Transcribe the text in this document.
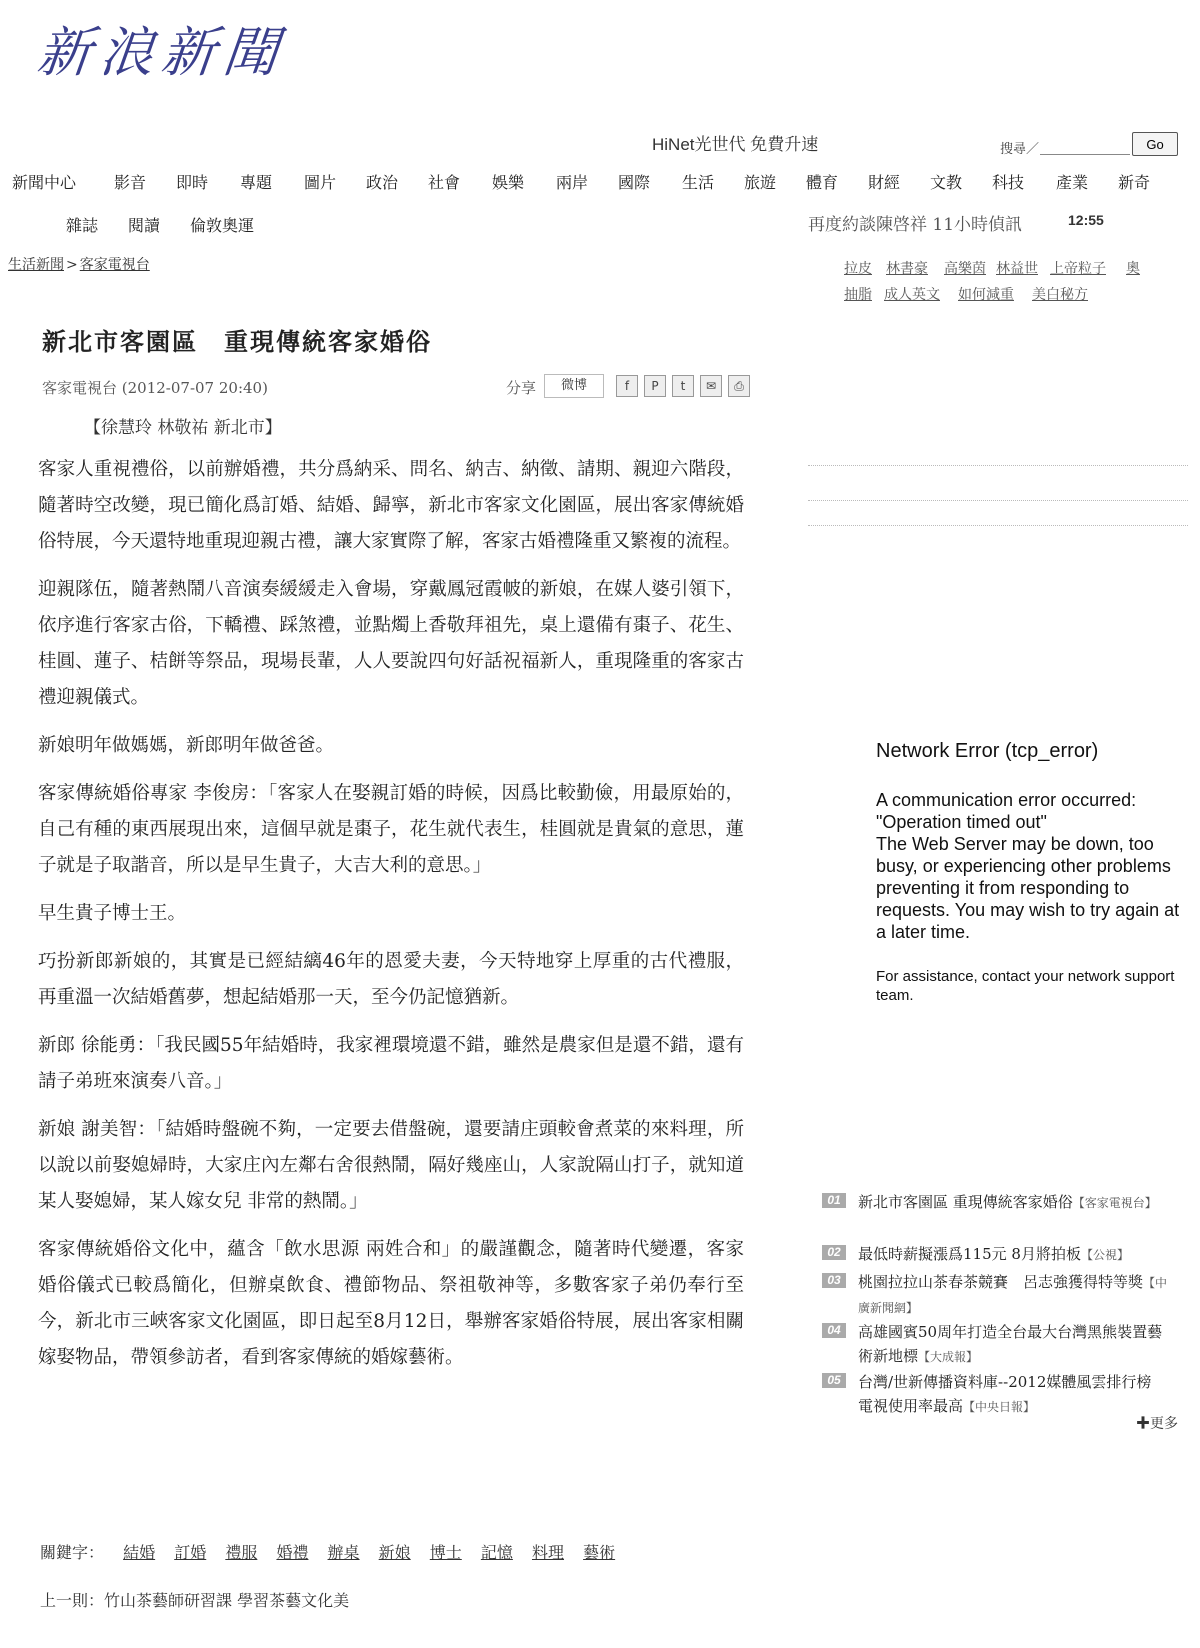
新浪新聞
HiNet光世代 免費升速	搜尋／	Go
新聞中心 影音 即時 專題 圖片 政治 社會 娛樂 兩岸 國際 生活 旅遊 體育 財經 文教 科技 產業 新奇
雜誌 閱讀 倫敦奧運	再度約談陳啓祥 11小時偵訊	12:55
生活新聞 > 客家電視台	拉皮 林書豪 高樂茵 林益世 上帝粒子 奧
抽脂 成人英文 如何減重 美白秘方
新北市客園區　重現傳統客家婚俗
客家電視台 (2012-07-07 20:40)	分享	微博	f	P	t	✉	⎙
【徐慧玲 林敬祐 新北市】

客家人重視禮俗，以前辦婚禮，共分爲納采、問名、納吉、納徵、請期、親迎六階段，隨著時空改變，現已簡化爲訂婚、結婚、歸寧，新北市客家文化園區，展出客家傳統婚俗特展，今天還特地重現迎親古禮，讓大家實際了解，客家古婚禮隆重又繁複的流程。

迎親隊伍，隨著熱鬧八音演奏緩緩走入會場，穿戴鳳冠霞帔的新娘，在媒人婆引領下，依序進行客家古俗，下轎禮、踩煞禮，並點燭上香敬拜祖先，桌上還備有棗子、花生、桂圓、蓮子、桔餅等祭品，現場長輩，人人要說四句好話祝福新人，重現隆重的客家古禮迎親儀式。

新娘明年做媽媽，新郎明年做爸爸。

客家傳統婚俗專家 李俊房：「客家人在娶親訂婚的時候，因爲比較勤儉，用最原始的，自己有種的東西展現出來，這個早就是棗子，花生就代表生，桂圓就是貴氣的意思，蓮子就是子取諧音，所以是早生貴子，大吉大利的意思。」

早生貴子博士王。

巧扮新郎新娘的，其實是已經結縭46年的恩愛夫妻，今天特地穿上厚重的古代禮服，再重溫一次結婚舊夢，想起結婚那一天，至今仍記憶猶新。

新郎 徐能勇：「我民國55年結婚時，我家裡環境還不錯，雖然是農家但是還不錯，還有請子弟班來演奏八音。」

新娘 謝美智：「結婚時盤碗不夠，一定要去借盤碗，還要請庄頭較會煮菜的來料理，所以說以前娶媳婦時，大家庄內左鄰右舍很熱鬧，隔好幾座山，人家說隔山打子，就知道某人娶媳婦，某人嫁女兒 非常的熱鬧。」

客家傳統婚俗文化中，蘊含「飲水思源 兩姓合和」的嚴謹觀念，隨著時代變遷，客家婚俗儀式已較爲簡化，但辦桌飲食、禮節物品、祭祖敬神等，多數客家子弟仍奉行至今，新北市三峽客家文化園區，即日起至8月12日，舉辦客家婚俗特展，展出客家相關嫁娶物品，帶領參訪者，看到客家傳統的婚嫁藝術。

關鍵字： 結婚 訂婚 禮服 婚禮 辦桌 新娘 博士 記憶 料理 藝術
上一則：竹山茶藝師研習課 學習茶藝文化美

Network Error (tcp_error)

A communication error occurred: "Operation timed out"

The Web Server may be down, too busy, or experiencing other problems preventing it from responding to requests. You may wish to try again at a later time.

For assistance, contact your network support team.

01	新北市客園區 重現傳統客家婚俗【客家電視台】
02	最低時薪擬漲爲115元 8月將拍板【公視】
03	桃園拉拉山茶春茶競賽　呂志強獲得特等獎【中廣新聞網】
04	高雄國賓50周年打造全台最大台灣黑熊裝置藝術新地標【大成報】
05	台灣/世新傳播資料庫--2012媒體風雲排行榜　電視使用率最高【中央日報】
✚更多
